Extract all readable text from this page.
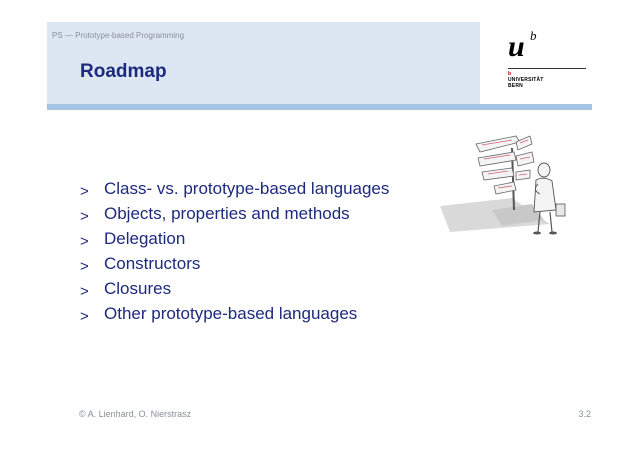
PS — Prototype-based Programming
Roadmap
u b
b
UNIVERSITÄT
BERN
> Class- vs. prototype-based languages
> Objects, properties and methods
> Delegation
> Constructors
> Closures
> Other prototype-based languages
© A. Lienhard, O. Nierstrasz	3.2
